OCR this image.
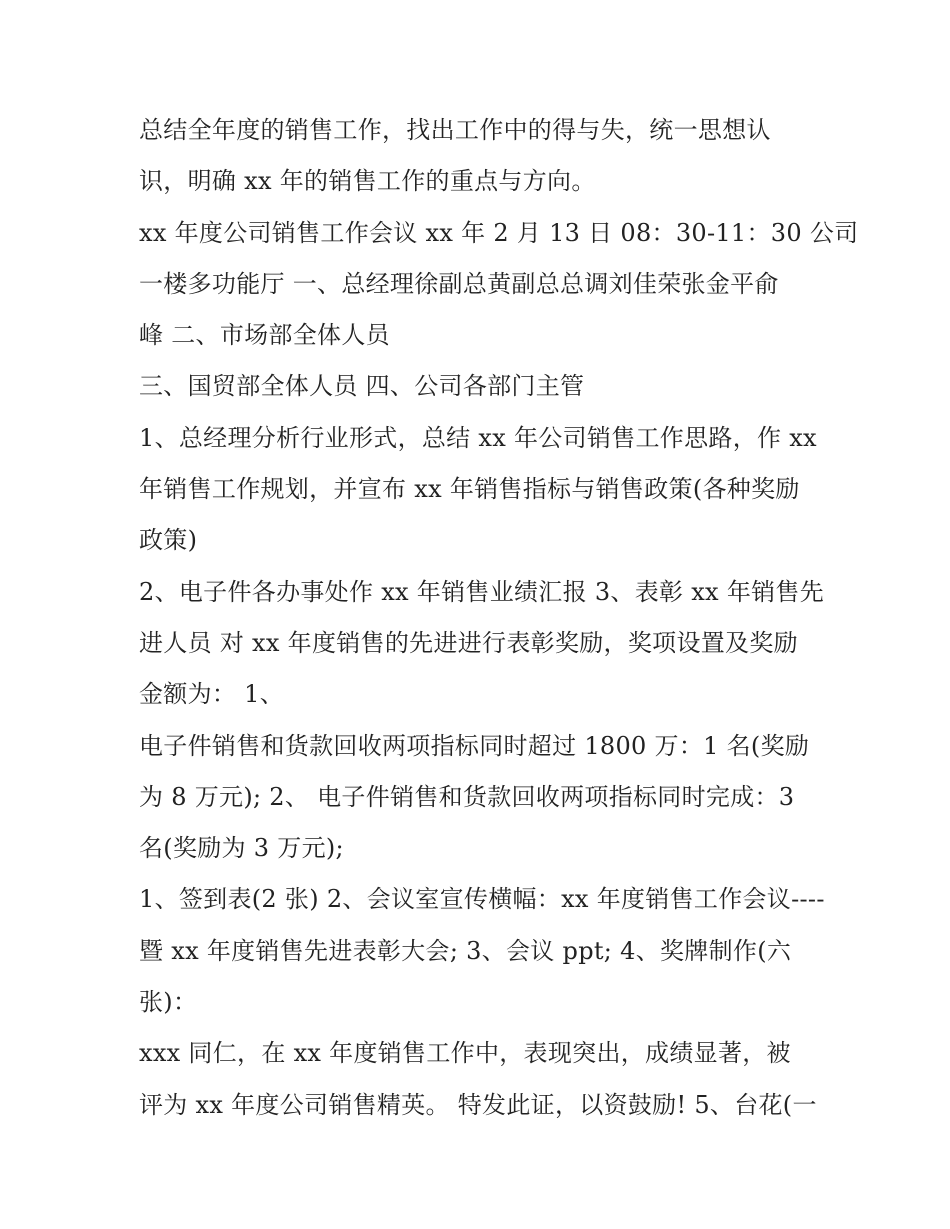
总结全年度的销售工作，找出工作中的得与失，统一思想认
识，明确 xx 年的销售工作的重点与方向。
xx 年度公司销售工作会议 xx 年 2 月 13 日 08：30-11：30 公司
一楼多功能厅 一、总经理徐副总黄副总总调刘佳荣张金平俞
峰 二、市场部全体人员
三、国贸部全体人员 四、公司各部门主管
1、总经理分析行业形式，总结 xx 年公司销售工作思路，作 xx
年销售工作规划，并宣布 xx 年销售指标与销售政策(各种奖励
政策)
2、电子件各办事处作 xx 年销售业绩汇报 3、表彰 xx 年销售先
进人员 对 xx 年度销售的先进进行表彰奖励，奖项设置及奖励
金额为： 1、
电子件销售和货款回收两项指标同时超过 1800 万：1 名(奖励
为 8 万元); 2、 电子件销售和货款回收两项指标同时完成：3
名(奖励为 3 万元);
1、签到表(2 张) 2、会议室宣传横幅：xx 年度销售工作会议----
暨 xx 年度销售先进表彰大会; 3、会议 ppt; 4、奖牌制作(六
张)：
xxx 同仁，在 xx 年度销售工作中，表现突出，成绩显著，被
评为 xx 年度公司销售精英。 特发此证，以资鼓励! 5、台花(一
